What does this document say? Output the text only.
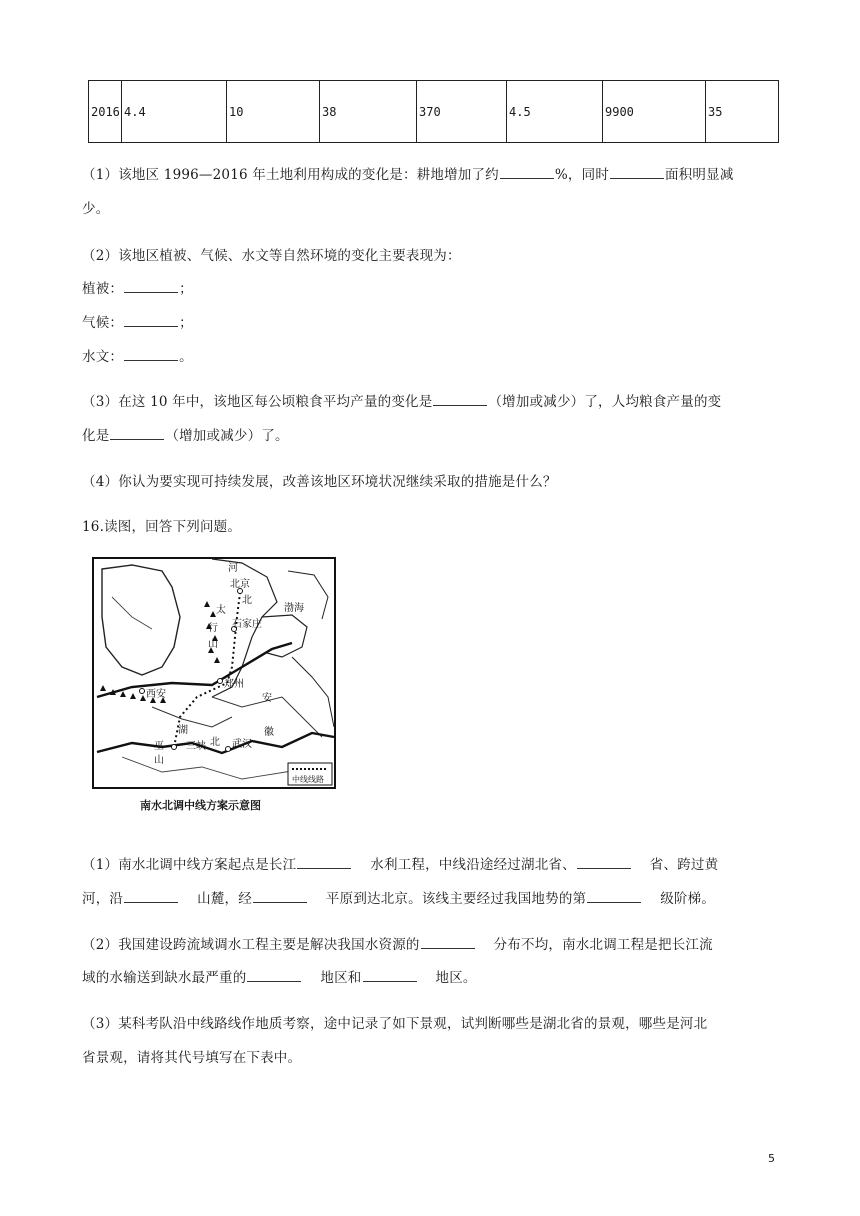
2016	4.4	10	38	370	4.5	9900	35
（1）该地区 1996—2016 年土地利用构成的变化是：耕地增加了约	%，同时	面积明显减
少。
（2）该地区植被、气候、水文等自然环境的变化主要表现为：
植被：	；
气候：	；
水文：	。
（3）在这 10 年中，该地区每公顷粮食平均产量的变化是	（增加或减少）了，人均粮食产量的变
化是	（增加或减少）了。
（4）你认为要实现可持续发展，改善该地区环境状况继续采取的措施是什么？
16.读图，回答下列问题。
河
北京
北
渤海
太
行
山
石家庄
郑州
安
西安
湖
北 武汉
徽
三峡
巫
山
中线线路
南水北调中线方案示意图
（1）南水北调中线方案起点是长江	水利工程，中线沿途经过湖北省、	省、跨过黄
河，沿	山麓，经	平原到达北京。该线主要经过我国地势的第	级阶梯。
（2）我国建设跨流域调水工程主要是解决我国水资源的	分布不均，南水北调工程是把长江流
域的水输送到缺水最严重的	地区和	地区。
（3）某科考队沿中线路线作地质考察，途中记录了如下景观，试判断哪些是湖北省的景观，哪些是河北
省景观，请将其代号填写在下表中。
5
